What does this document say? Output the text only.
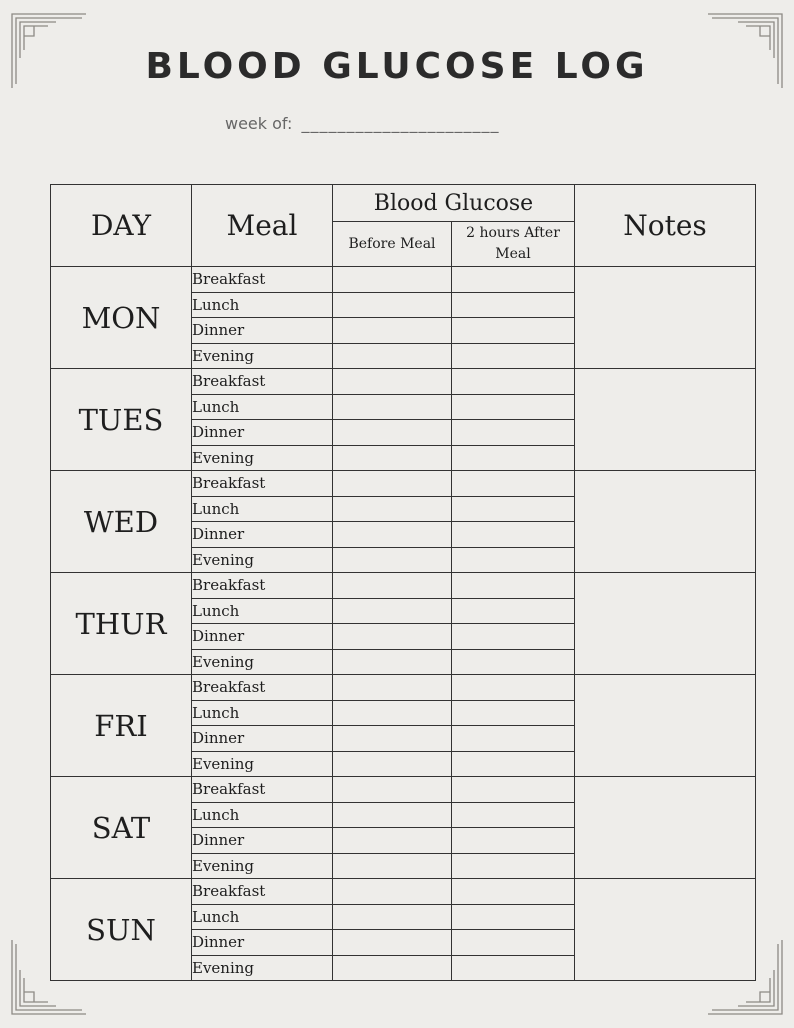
BLOOD GLUCOSE LOG
week of: ______________________
DAY	Meal	Blood Glucose		Notes
		Before Meal	2 hours After Meal	
MON	Breakfast			
	Lunch			
	Dinner			
	Evening			
TUES	Breakfast			
	Lunch			
	Dinner			
	Evening			
WED	Breakfast			
	Lunch			
	Dinner			
	Evening			
THUR	Breakfast			
	Lunch			
	Dinner			
	Evening			
FRI	Breakfast			
	Lunch			
	Dinner			
	Evening			
SAT	Breakfast			
	Lunch			
	Dinner			
	Evening			
SUN	Breakfast			
	Lunch			
	Dinner			
	Evening			
